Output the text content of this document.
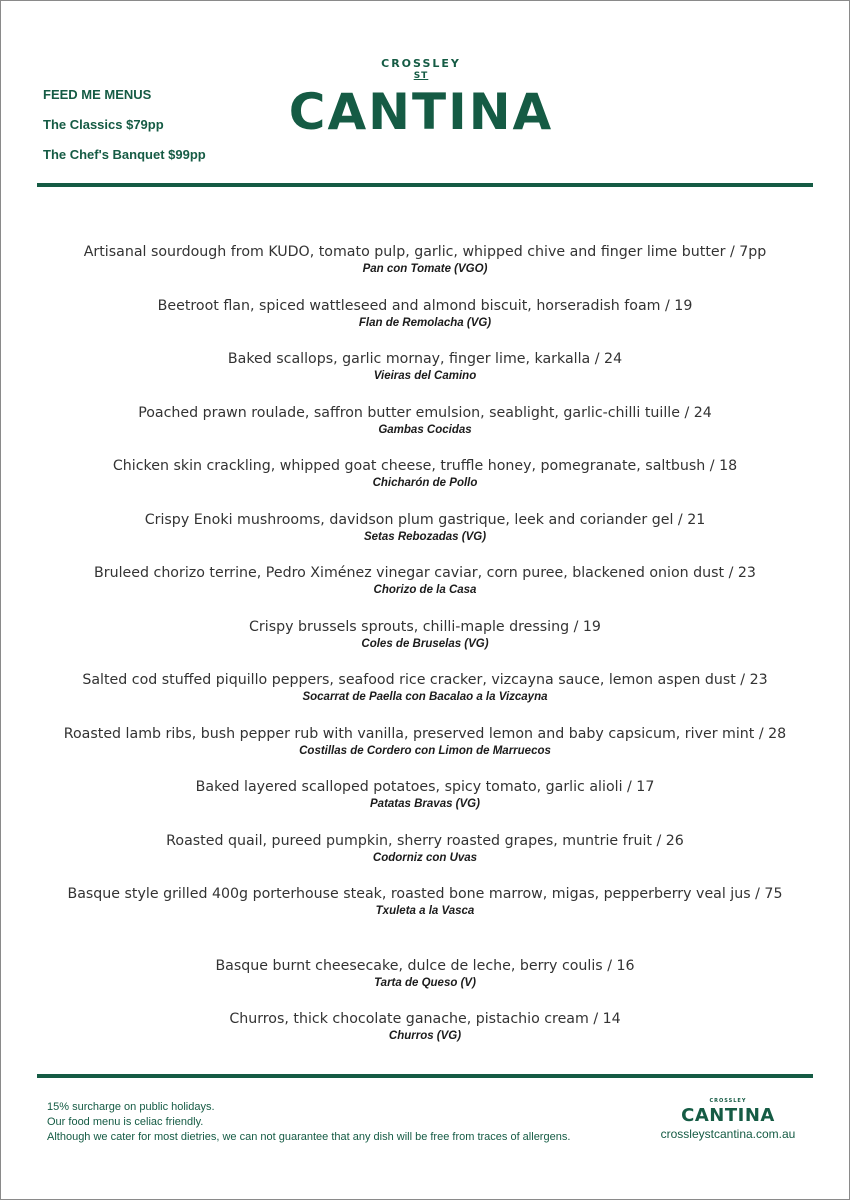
FEED ME MENUS
The Classics $79pp
The Chef's Banquet $99pp
CROSSLEY
ST
CANTINA
Artisanal sourdough from KUDO, tomato pulp, garlic, whipped chive and finger lime butter / 7pp
Pan con Tomate (VGO)
Beetroot flan, spiced wattleseed and almond biscuit, horseradish foam / 19
Flan de Remolacha (VG)
Baked scallops, garlic mornay, finger lime, karkalla / 24
Vieiras del Camino
Poached prawn roulade, saffron butter emulsion, seablight, garlic-chilli tuille / 24
Gambas Cocidas
Chicken skin crackling, whipped goat cheese, truffle honey, pomegranate, saltbush / 18
Chicharón de Pollo
Crispy Enoki mushrooms, davidson plum gastrique, leek and coriander gel / 21
Setas Rebozadas (VG)
Bruleed chorizo terrine, Pedro Ximénez vinegar caviar, corn puree, blackened onion dust / 23
Chorizo de la Casa
Crispy brussels sprouts, chilli-maple dressing / 19
Coles de Bruselas (VG)
Salted cod stuffed piquillo peppers, seafood rice cracker, vizcayna sauce, lemon aspen dust / 23
Socarrat de Paella con Bacalao a la Vizcayna
Roasted lamb ribs, bush pepper rub with vanilla, preserved lemon and baby capsicum, river mint / 28
Costillas de Cordero con Limon de Marruecos
Baked layered scalloped potatoes, spicy tomato, garlic alioli / 17
Patatas Bravas (VG)
Roasted quail, pureed pumpkin, sherry roasted grapes, muntrie fruit / 26
Codorniz con Uvas
Basque style grilled 400g porterhouse steak, roasted bone marrow, migas, pepperberry veal jus / 75
Txuleta a la Vasca
Basque burnt cheesecake, dulce de leche, berry coulis / 16
Tarta de Queso (V)
Churros, thick chocolate ganache, pistachio cream / 14
Churros (VG)
15% surcharge on public holidays.
Our food menu is celiac friendly.
Although we cater for most dietries, we can not guarantee that any dish will be free from traces of allergens.
CROSSLEY
CANTINA
crossleystcantina.com.au
